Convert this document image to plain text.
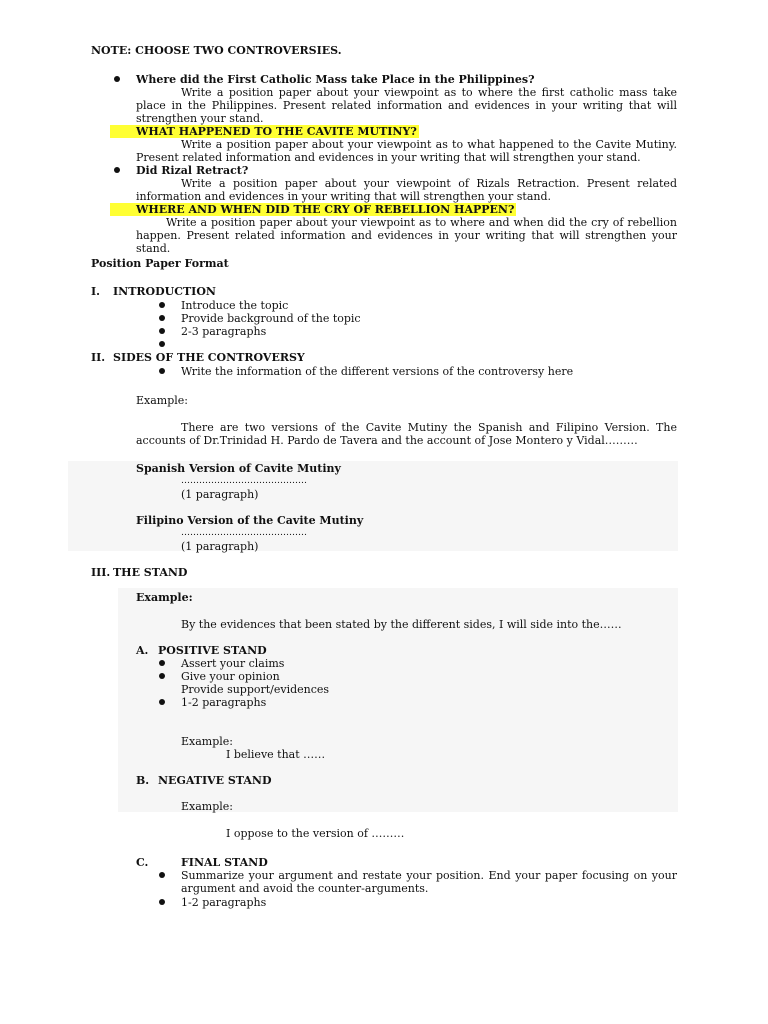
NOTE: CHOOSE TWO CONTROVERSIES.
Where did the First Catholic Mass take Place in the Philippines?
Write a position paper about your viewpoint as to where the first catholic mass take place in the Philippines. Present related information and evidences in your writing that will strengthen your stand.
WHAT HAPPENED TO THE CAVITE MUTINY?
Write a position paper about your viewpoint as to what happened to the Cavite Mutiny. Present related information and evidences in your writing that will strengthen your stand.
Did Rizal Retract?
Write a position paper about your viewpoint of Rizals Retraction. Present related information and evidences in your writing that will strengthen your stand.
WHERE AND WHEN DID THE CRY OF REBELLION HAPPEN?
Write a position paper about your viewpoint as to where and when did the cry of rebellion happen. Present related information and evidences in your writing that will strengthen your stand.
Position Paper Format
I. INTRODUCTION
Introduce the topic
Provide background of the topic
2-3 paragraphs
II. SIDES OF THE CONTROVERSY
Write the information of the different versions of the controversy here
Example:
There are two versions of the Cavite Mutiny the Spanish and Filipino Version. The accounts of Dr.Trinidad H. Pardo de Tavera and the account of Jose Montero y Vidal………
Spanish Version of Cavite Mutiny
……………………………………
(1 paragraph)
Filipino Version of the Cavite Mutiny
……………………………………
(1 paragraph)
III. THE STAND
Example:
By the evidences that been stated by the different sides, I will side into the……
A. POSITIVE STAND
Assert your claims
Give your opinion
Provide support/evidences
1-2 paragraphs
Example:
I believe that ……
B. NEGATIVE STAND
Example:
I oppose to the version of ………
C.	FINAL STAND
Summarize your argument and restate your position. End your paper focusing on your argument and avoid the counter-arguments.
1-2 paragraphs
